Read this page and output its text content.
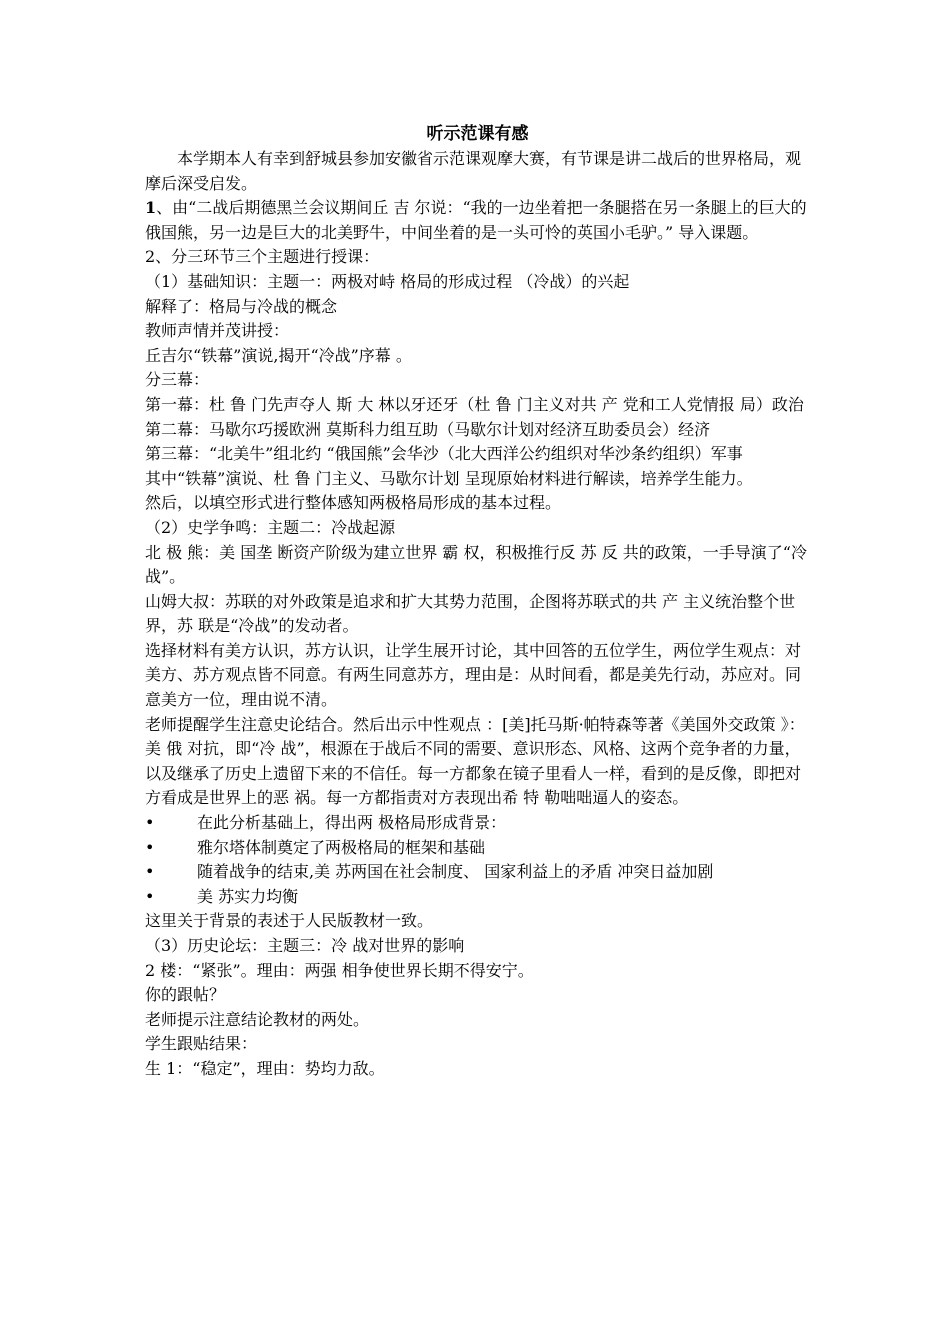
听示范课有感

本学期本人有幸到舒城县参加安徽省示范课观摩大赛，有节课是讲二战后的世界格局，观摩后深受启发。

1、由“二战后期德黑兰会议期间丘 吉 尔说：“我的一边坐着把一条腿搭在另一条腿上的巨大的俄国熊，另一边是巨大的北美野牛，中间坐着的是一头可怜的英国小毛驴。” 导入课题。

2、分三环节三个主题进行授课：

（1）基础知识：主题一：两极对峙 格局的形成过程 （冷战）的兴起

解释了：格局与冷战的概念

教师声情并茂讲授：

丘吉尔“铁幕”演说,揭开“冷战”序幕 。

分三幕：

第一幕：杜 鲁 门先声夺人 斯 大 林以牙还牙（杜 鲁 门主义对共 产 党和工人党情报 局）政治

第二幕：马歇尔巧援欧洲 莫斯科力组互助（马歇尔计划对经济互助委员会）经济

第三幕：“北美牛”组北约 “俄国熊”会华沙（北大西洋公约组织对华沙条约组织）军事

其中“铁幕”演说、杜 鲁 门主义、马歇尔计划 呈现原始材料进行解读，培养学生能力。

然后，以填空形式进行整体感知两极格局形成的基本过程。

（2）史学争鸣：主题二：冷战起源

北 极 熊：美 国垄 断资产阶级为建立世界 霸 权，积极推行反 苏 反 共的政策，一手导演了“冷战”。

山姆大叔：苏联的对外政策是追求和扩大其势力范围，企图将苏联式的共 产 主义统治整个世界，苏 联是“冷战”的发动者。

选择材料有美方认识，苏方认识，让学生展开讨论，其中回答的五位学生，两位学生观点：对美方、苏方观点皆不同意。有两生同意苏方，理由是：从时间看，都是美先行动，苏应对。同意美方一位，理由说不清。

老师提醒学生注意史论结合。然后出示中性观点 ：[美]托马斯·帕特森等著《美国外交政策 》：美 俄 对抗，即“冷 战”，根源在于战后不同的需要、意识形态、风格、这两个竞争者的力量，以及继承了历史上遗留下来的不信任。每一方都象在镜子里看人一样，看到的是反像，即把对方看成是世界上的恶 祸。每一方都指责对方表现出希 特 勒咄咄逼人的姿态。

•	在此分析基础上，得出两 极格局形成背景：
•	雅尔塔体制奠定了两极格局的框架和基础
•	随着战争的结束,美 苏两国在社会制度、 国家利益上的矛盾 冲突日益加剧
•	美 苏实力均衡

这里关于背景的表述于人民版教材一致。

（3）历史论坛：主题三：冷 战对世界的影响

2 楼：“紧张”。理由：两强 相争使世界长期不得安宁。

你的跟帖？

老师提示注意结论教材的两处。

学生跟贴结果：

生 1：“稳定”，理由：势均力敌。
